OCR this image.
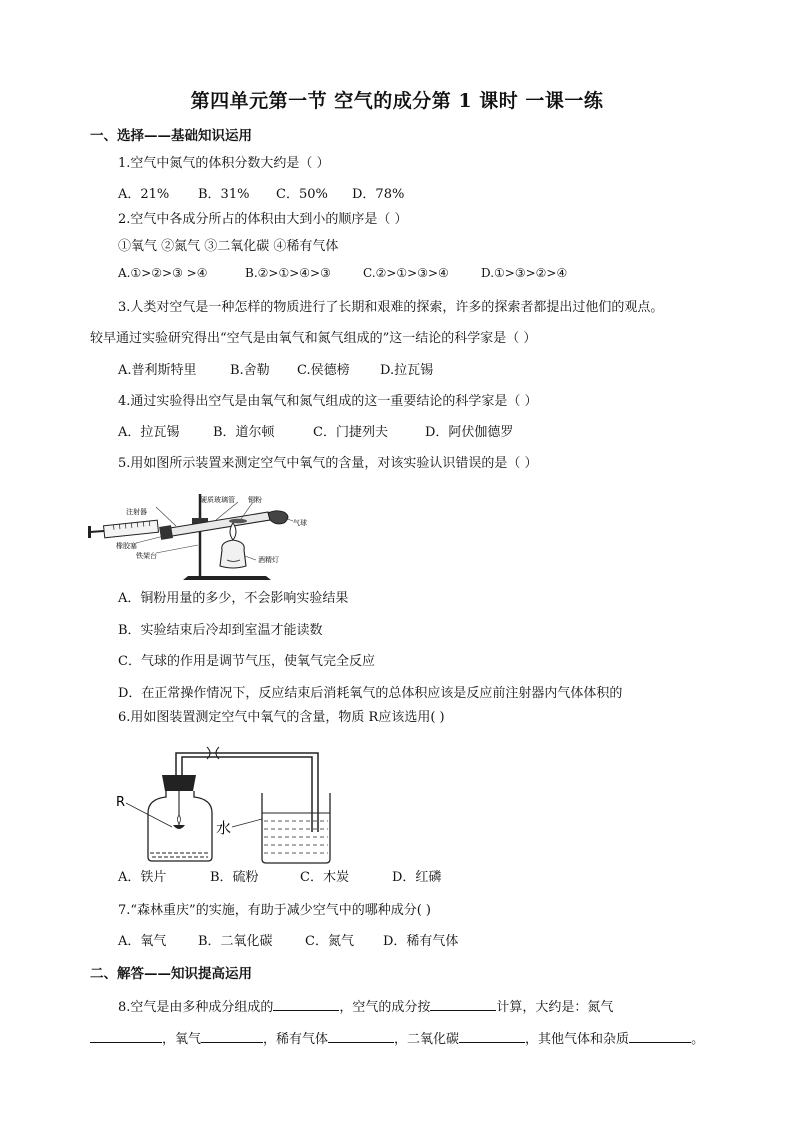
第四单元第一节 空气的成分第 1 课时 一课一练
一、选择——基础知识运用
1.空气中氮气的体积分数大约是（ ）
A．21% B．31% C．50% D．78%
2.空气中各成分所占的体积由大到小的顺序是（ ）
①氧气 ②氮气 ③二氧化碳 ④稀有气体
A.①>②>③ >④	B.②>①>④>③	C.②>①>③>④	D.①>③>②>④
3.人类对空气是一种怎样的物质进行了长期和艰难的探索，许多的探索者都提出过他们的观点。
较早通过实验研究得出“空气是由氧气和氮气组成的”这一结论的科学家是（ ）
A.普利斯特里	B.舍勒 C.侯德榜 D.拉瓦锡
4.通过实验得出空气是由氧气和氮气组成的这一重要结论的科学家是（ ）
A．拉瓦锡	B．道尔顿	C．门捷列夫	D．阿伏伽德罗
5.用如图所示装置来测定空气中氧气的含量，对该实验认识错误的是（ ）
注射器
硬质玻璃管 铜粉
气球
橡胶塞
铁架台	酒精灯
A．铜粉用量的多少，不会影响实验结果
B．实验结束后冷却到室温才能读数
C．气球的作用是调节气压，使氧气完全反应
D．在正常操作情况下，反应结束后消耗氧气的总体积应该是反应前注射器内气体体积的
6.用如图装置测定空气中氧气的含量，物质 R应该选用( )
R
水
A．铁片	B．硫粉	C．木炭	D．红磷
7.“森林重庆”的实施，有助于减少空气中的哪种成分( )
A．氧气 B．二氧化碳 C．氮气 D．稀有气体
二、解答——知识提高运用
8.空气是由多种成分组成的	，空气的成分按	计算，大约是：氮气
，氧气	，稀有气体	，二氧化碳	，其他气体和杂质	。
